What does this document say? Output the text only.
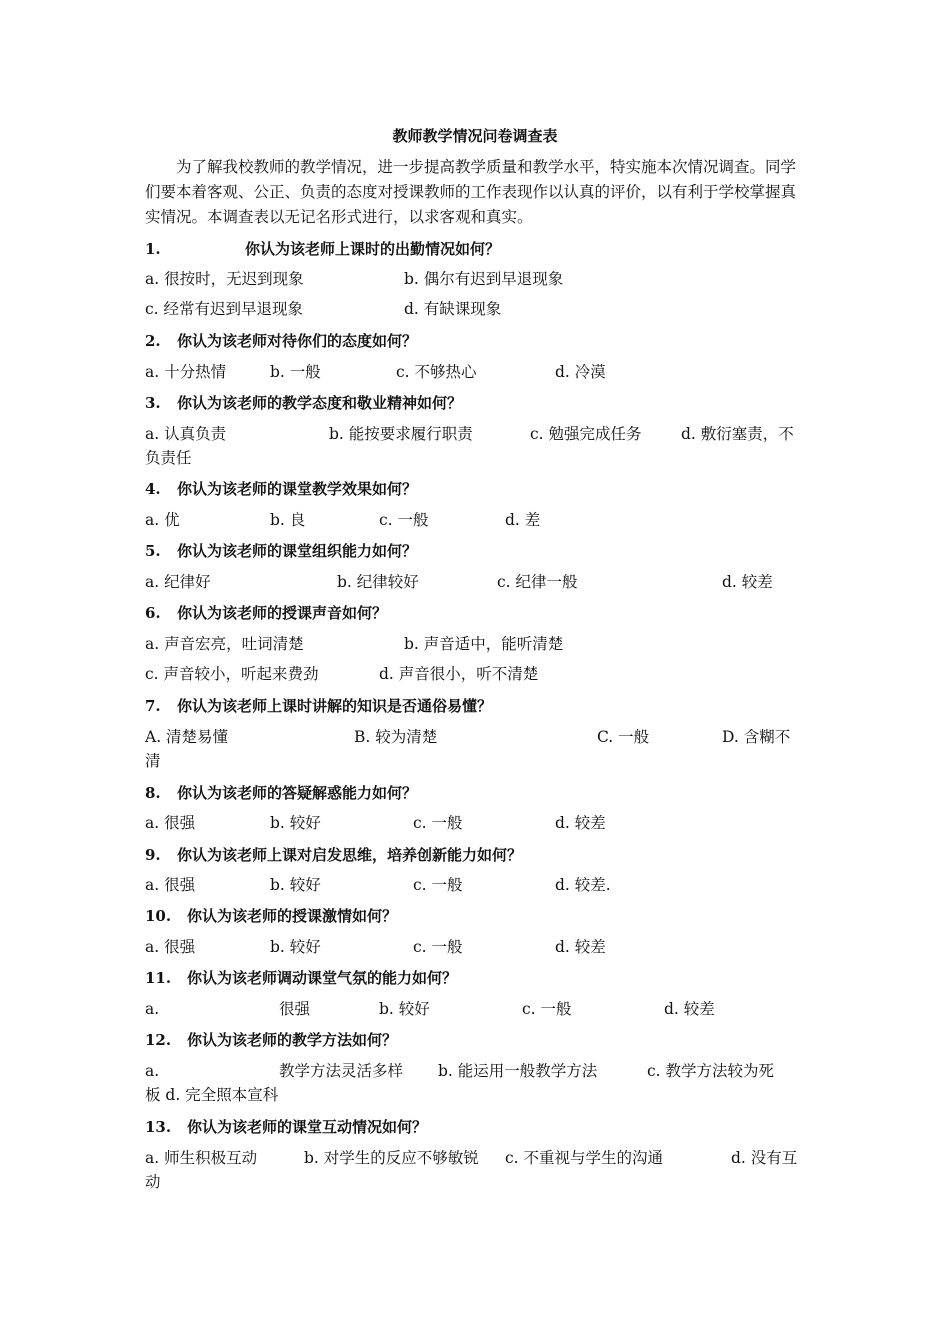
教师教学情况问卷调查表

为了解我校教师的教学情况，进一步提高教学质量和教学水平，特实施本次情况调查。同学们要本着客观、公正、负责的态度对授课教师的工作表现作以认真的评价，以有利于学校掌握真实情况。本调查表以无记名形式进行，以求客观和真实。

1.	你认为该老师上课时的出勤情况如何？
a. 很按时，无迟到现象	b. 偶尔有迟到早退现象
c. 经常有迟到早退现象	d. 有缺课现象
2. 你认为该老师对待你们的态度如何？
a. 十分热情	b. 一般	c. 不够热心	d. 冷漠
3. 你认为该老师的教学态度和敬业精神如何？
a. 认真负责	b. 能按要求履行职责	c. 勉强完成任务	d. 敷衍塞责，不
负责任
4. 你认为该老师的课堂教学效果如何？
a. 优	b. 良	c. 一般	d. 差
5. 你认为该老师的课堂组织能力如何？
a. 纪律好	b. 纪律较好	c. 纪律一般	d. 较差
6. 你认为该老师的授课声音如何？
a. 声音宏亮，吐词清楚	b. 声音适中，能听清楚
c. 声音较小，听起来费劲	d. 声音很小，听不清楚
7. 你认为该老师上课时讲解的知识是否通俗易懂？
A. 清楚易懂	B. 较为清楚	C. 一般	D. 含糊不
清
8. 你认为该老师的答疑解惑能力如何？
a. 很强	b. 较好	c. 一般	d. 较差
9. 你认为该老师上课对启发思维，培养创新能力如何？
a. 很强	b. 较好	c. 一般	d. 较差.
10. 你认为该老师的授课激情如何？
a. 很强	b. 较好	c. 一般	d. 较差
11. 你认为该老师调动课堂气氛的能力如何？
a.	很强	b. 较好	c. 一般	d. 较差
12. 你认为该老师的教学方法如何？
a.	教学方法灵活多样 b. 能运用一般教学方法	c. 教学方法较为死
板 d. 完全照本宣科
13. 你认为该老师的课堂互动情况如何？
a. 师生积极互动	b. 对学生的反应不够敏锐 c. 不重视与学生的沟通	d. 没有互
动
